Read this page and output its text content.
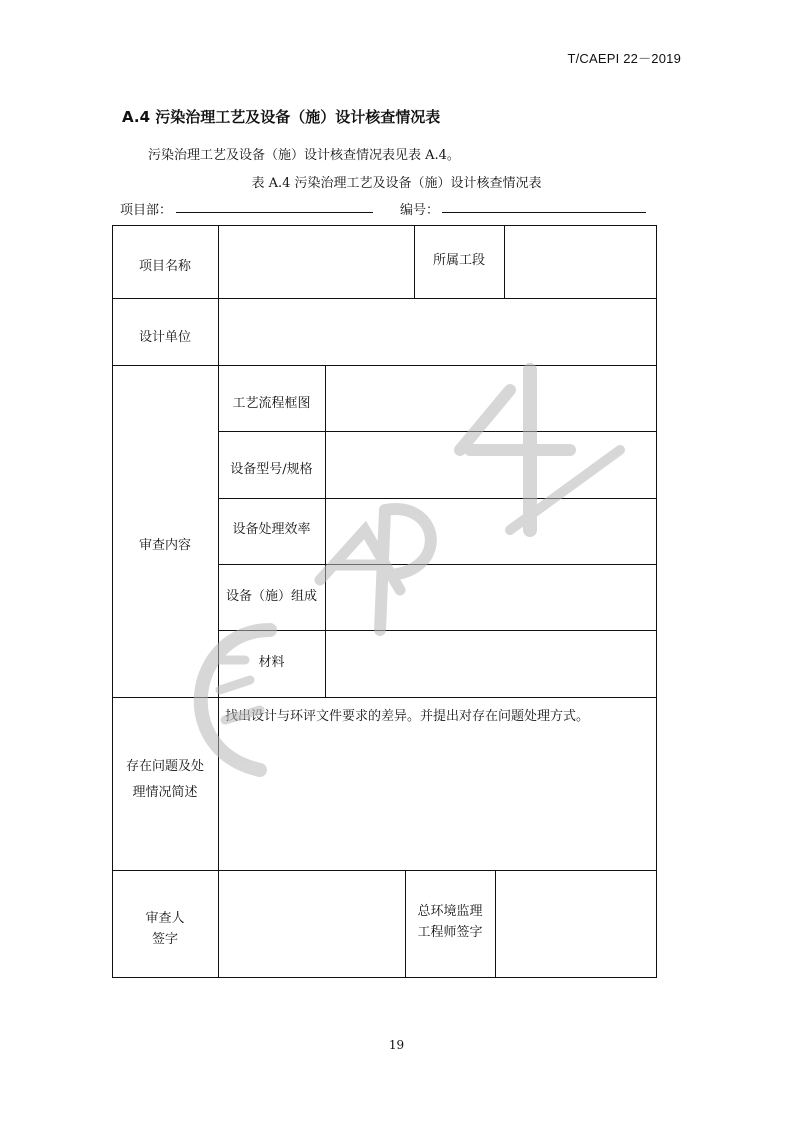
T/CAEPI 22－2019
A.4 污染治理工艺及设备（施）设计核查情况表
污染治理工艺及设备（施）设计核查情况表见表 A.4。
表 A.4 污染治理工艺及设备（施）设计核查情况表
项目部：	编号：
项目名称	所属工段
设计单位
审查内容
工艺流程框图
设备型号/规格
设备处理效率
设备（施）组成
材料
存在问题及处
理情况简述
找出设计与环评文件要求的差异。并提出对存在问题处理方式。
审查人
签字
总环境监理
工程师签字
19
